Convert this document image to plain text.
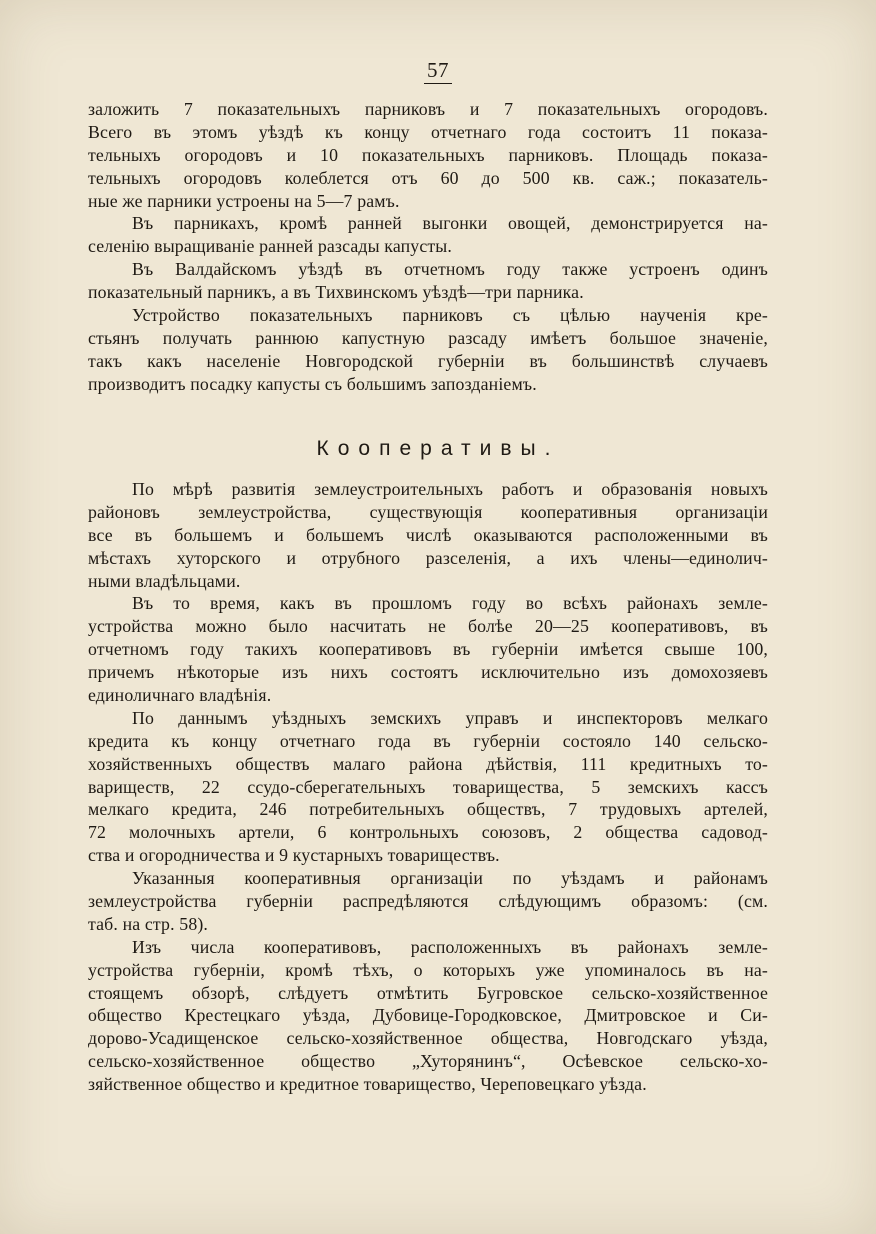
57
заложить 7 показательныхъ парниковъ и 7 показательныхъ огородовъ.
Всего въ этомъ уѣздѣ къ концу отчетнаго года состоитъ 11 показа-
тельныхъ огородовъ и 10 показательныхъ парниковъ. Площадь показа-
тельныхъ огородовъ колеблется отъ 60 до 500 кв. саж.; показатель-
ные же парники устроены на 5—7 рамъ.
Въ парникахъ, кромѣ ранней выгонки овощей, демонстрируется на-
селенію выращиваніе ранней разсады капусты.
Въ Валдайскомъ уѣздѣ въ отчетномъ году также устроенъ одинъ
показательный парникъ, а въ Тихвинскомъ уѣздѣ—три парника.
Устройство показательныхъ парниковъ съ цѣлью наученія кре-
стьянъ получать раннюю капустную разсаду имѣетъ большое значеніе,
такъ какъ населеніе Новгородской губерніи въ большинствѣ случаевъ
производитъ посадку капусты съ большимъ запозданіемъ.
Кооперативы.
По мѣрѣ развитія землеустроительныхъ работъ и образованія новыхъ
районовъ землеустройства, существующія кооперативныя организаціи
все въ большемъ и большемъ числѣ оказываются расположенными въ
мѣстахъ хуторского и отрубного разселенія, а ихъ члены—единолич-
ными владѣльцами.
Въ то время, какъ въ прошломъ году во всѣхъ районахъ земле-
устройства можно было насчитать не болѣе 20—25 кооперативовъ, въ
отчетномъ году такихъ кооперативовъ въ губерніи имѣется свыше 100,
причемъ нѣкоторые изъ нихъ состоятъ исключительно изъ домохозяевъ
единоличнаго владѣнія.
По даннымъ уѣздныхъ земскихъ управъ и инспекторовъ мелкаго
кредита къ концу отчетнаго года въ губерніи состояло 140 сельско-
хозяйственныхъ обществъ малаго района дѣйствія, 111 кредитныхъ то-
вариществ, 22 ссудо-сберегательныхъ товарищества, 5 земскихъ кассъ
мелкаго кредита, 246 потребительныхъ обществъ, 7 трудовыхъ артелей,
72 молочныхъ артели, 6 контрольныхъ союзовъ, 2 общества садовод-
ства и огородничества и 9 кустарныхъ товариществъ.
Указанныя кооперативныя организаціи по уѣздамъ и районамъ
землеустройства губерніи распредѣляются слѣдующимъ образомъ: (см.
таб. на стр. 58).
Изъ числа кооперативовъ, расположенныхъ въ районахъ земле-
устройства губерніи, кромѣ тѣхъ, о которыхъ уже упоминалось въ на-
стоящемъ обзорѣ, слѣдуетъ отмѣтить Бугровское сельско-хозяйственное
общество Крестецкаго уѣзда, Дубовице-Городковское, Дмитровское и Си-
дорово-Усадищенское сельско-хозяйственное общества, Новгодскаго уѣзда,
сельско-хозяйственное общество „Хуторянинъ“, Осѣевское сельско-хо-
зяйственное общество и кредитное товарищество, Череповецкаго уѣзда.
